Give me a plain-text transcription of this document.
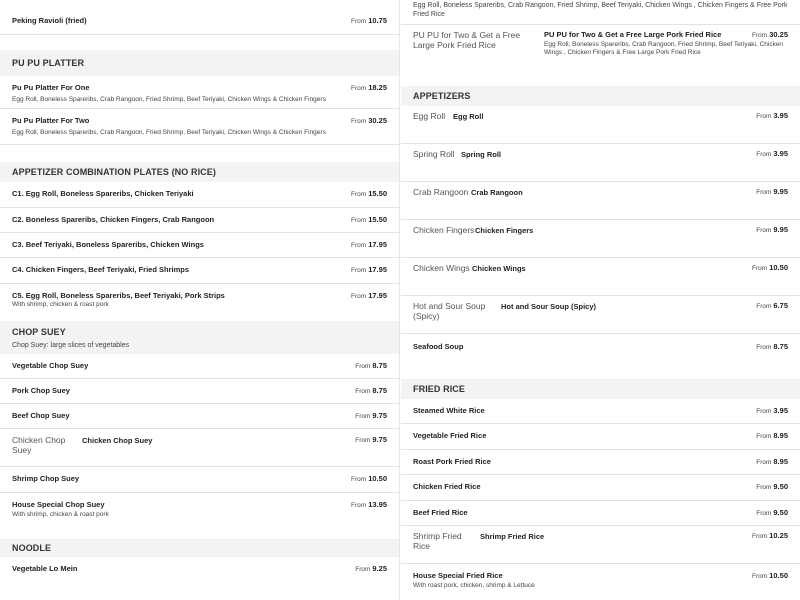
Peking Ravioli (fried)	From 10.75
PU PU PLATTER
Pu Pu Platter For One	From 18.25
Egg Roll, Boneless Spareribs, Crab Rangoon, Fried Shrimp, Beef Teriyaki, Chicken Wings & Chicken Fingers
Pu Pu Platter For Two	From 30.25
Egg Roll, Boneless Spareribs, Crab Rangoon, Fried Shrimp, Beef Teriyaki, Chicken Wings & Chicken Fingers
APPETIZER COMBINATION PLATES (NO RICE)
C1. Egg Roll, Boneless Spareribs, Chicken Teriyaki	From 15.50
C2. Boneless Spareribs, Chicken Fingers, Crab Rangoon	From 15.50
C3. Beef Teriyaki, Boneless Spareribs, Chicken Wings	From 17.95
C4. Chicken Fingers, Beef Teriyaki, Fried Shrimps	From 17.95
C5. Egg Roll, Boneless Spareribs, Beef Teriyaki, Pork Strips	From 17.95
With shrimp, chicken & roast pork
CHOP SUEY
Chop Suey: large slices of vegetables
Vegetable Chop Suey	From 8.75
Pork Chop Suey	From 8.75
Beef Chop Suey	From 9.75
Chicken Chop Suey
Chicken Chop Suey	From 9.75
Shrimp Chop Suey	From 10.50
House Special Chop Suey	From 13.95
With shrimp, chicken & roast pork
NOODLE
Vegetable Lo Mein	From 9.25
Egg Roll, Boneless Spareribs, Crab Rangoon, Fried Shrimp, Beef Teriyaki, Chicken Wings , Chicken Fingers & Free Pork Fried Rice
PU PU for Two & Get a Free Large Pork Fried Rice
PU PU for Two & Get a Free Large Pork Fried Rice	From 30.25
Egg Roll, Boneless Spareribs, Crab Rangoon, Fried Shrimp, Beef Teriyaki, Chicken Wings , Chicken Fingers & Free Large Pork Fried Rice
APPETIZERS
Egg Roll	Egg Roll	From 3.95
Spring Roll Spring Roll	From 3.95
Crab Rangoon Crab Rangoon	From 9.95
Chicken Fingers Chicken Fingers	From 9.95
Chicken Wings Chicken Wings	From 10.50
Hot and Sour Soup (Spicy)
Hot and Sour Soup (Spicy)	From 6.75
Seafood Soup	From 8.75
FRIED RICE
Steamed White Rice	From 3.95
Vegetable Fried Rice	From 8.95
Roast Pork Fried Rice	From 8.95
Chicken Fried Rice	From 9.50
Beef Fried Rice	From 9.50
Shrimp Fried Rice
Shrimp Fried Rice	From 10.25
House Special Fried Rice	From 10.50
With roast pork, chicken, shrimp & Lettuce
